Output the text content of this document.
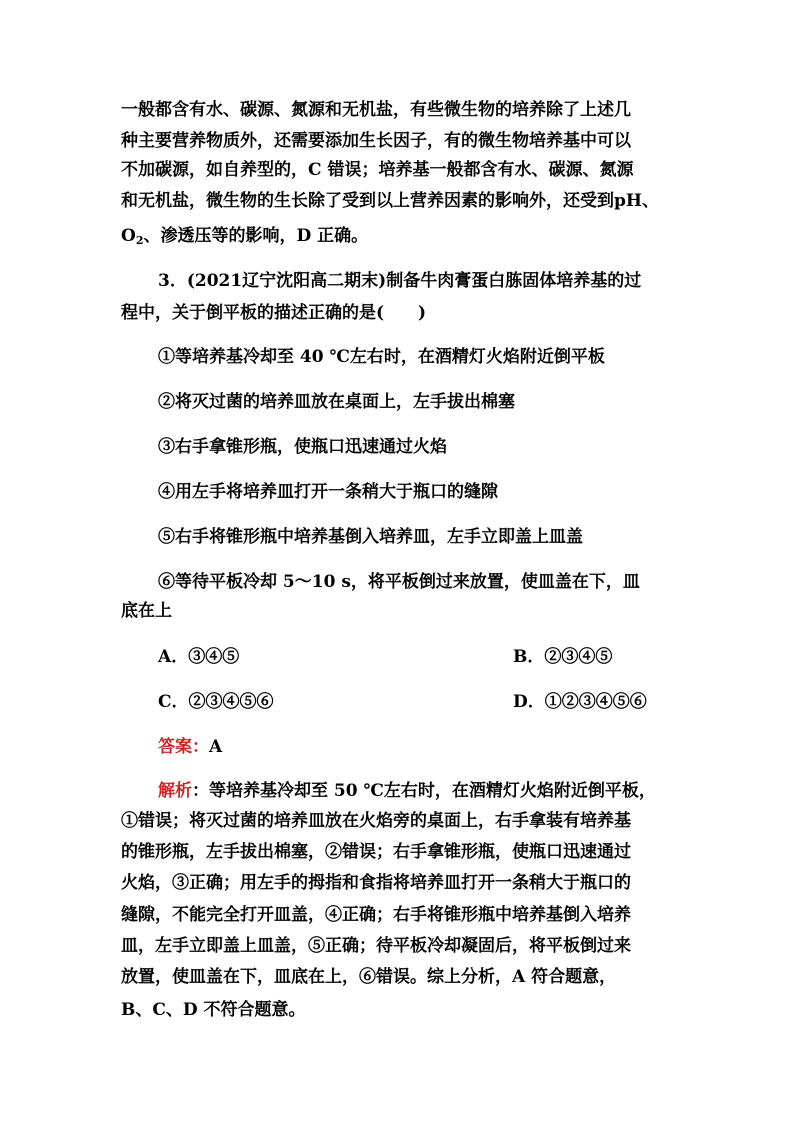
一般都含有水、碳源、氮源和无机盐，有些微生物的培养除了上述几
种主要营养物质外，还需要添加生长因子，有的微生物培养基中可以
不加碳源，如自养型的，C 错误；培养基一般都含有水、碳源、氮源
和无机盐，微生物的生长除了受到以上营养因素的影响外，还受到pH、
$O_2$、渗透压等的影响，D 正确。
3．(2021辽宁沈阳高二期末)制备牛肉膏蛋白胨固体培养基的过
程中，关于倒平板的描述正确的是(　　)
①等培养基冷却至 40 ℃左右时，在酒精灯火焰附近倒平板
②将灭过菌的培养皿放在桌面上，左手拔出棉塞
③右手拿锥形瓶，使瓶口迅速通过火焰
④用左手将培养皿打开一条稍大于瓶口的缝隙
⑤右手将锥形瓶中培养基倒入培养皿，左手立即盖上皿盖
⑥等待平板冷却 5～10 s，将平板倒过来放置，使皿盖在下，皿
底在上
A．③④⑤	B．②③④⑤
C．②③④⑤⑥	D．①②③④⑤⑥
答案：A
解析：等培养基冷却至 50 ℃左右时，在酒精灯火焰附近倒平板，
①错误；将灭过菌的培养皿放在火焰旁的桌面上，右手拿装有培养基
的锥形瓶，左手拔出棉塞，②错误；右手拿锥形瓶，使瓶口迅速通过
火焰，③正确；用左手的拇指和食指将培养皿打开一条稍大于瓶口的
缝隙，不能完全打开皿盖，④正确；右手将锥形瓶中培养基倒入培养
皿，左手立即盖上皿盖，⑤正确；待平板冷却凝固后，将平板倒过来
放置，使皿盖在下，皿底在上，⑥错误。综上分析，A 符合题意，
B、C、D 不符合题意。
